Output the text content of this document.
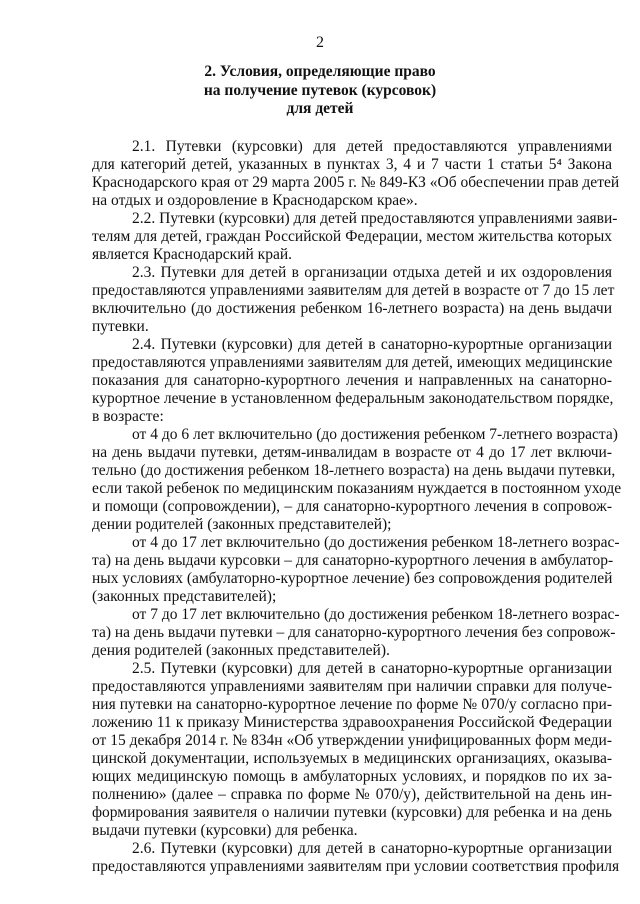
2
2. Условия, определяющие право
на получение путевок (курсовок)
для детей
2.1. Путевки (курсовки) для детей предоставляются управлениями
для категорий детей, указанных в пунктах 3, 4 и 7 части 1 статьи 5⁴ Закона
Краснодарского края от 29 марта 2005 г. № 849-КЗ «Об обеспечении прав детей
на отдых и оздоровление в Краснодарском крае».
2.2. Путевки (курсовки) для детей предоставляются управлениями заяви-
телям для детей, граждан Российской Федерации, местом жительства которых
является Краснодарский край.
2.3. Путевки для детей в организации отдыха детей и их оздоровления
предоставляются управлениями заявителям для детей в возрасте от 7 до 15 лет
включительно (до достижения ребенком 16-летнего возраста) на день выдачи
путевки.
2.4. Путевки (курсовки) для детей в санаторно-курортные организации
предоставляются управлениями заявителям для детей, имеющих медицинские
показания для санаторно-курортного лечения и направленных на санаторно-
курортное лечение в установленном федеральным законодательством порядке,
в возрасте:
от 4 до 6 лет включительно (до достижения ребенком 7-летнего возраста)
на день выдачи путевки, детям-инвалидам в возрасте от 4 до 17 лет включи-
тельно (до достижения ребенком 18-летнего возраста) на день выдачи путевки,
если такой ребенок по медицинским показаниям нуждается в постоянном уходе
и помощи (сопровождении), – для санаторно-курортного лечения в сопровож-
дении родителей (законных представителей);
от 4 до 17 лет включительно (до достижения ребенком 18-летнего возрас-
та) на день выдачи курсовки – для санаторно-курортного лечения в амбулатор-
ных условиях (амбулаторно-курортное лечение) без сопровождения родителей
(законных представителей);
от 7 до 17 лет включительно (до достижения ребенком 18-летнего возрас-
та) на день выдачи путевки – для санаторно-курортного лечения без сопровож-
дения родителей (законных представителей).
2.5. Путевки (курсовки) для детей в санаторно-курортные организации
предоставляются управлениями заявителям при наличии справки для получе-
ния путевки на санаторно-курортное лечение по форме № 070/у согласно при-
ложению 11 к приказу Министерства здравоохранения Российской Федерации
от 15 декабря 2014 г. № 834н «Об утверждении унифицированных форм меди-
цинской документации, используемых в медицинских организациях, оказыва-
ющих медицинскую помощь в амбулаторных условиях, и порядков по их за-
полнению» (далее – справка по форме № 070/у), действительной на день ин-
формирования заявителя о наличии путевки (курсовки) для ребенка и на день
выдачи путевки (курсовки) для ребенка.
2.6. Путевки (курсовки) для детей в санаторно-курортные организации
предоставляются управлениями заявителям при условии соответствия профиля
